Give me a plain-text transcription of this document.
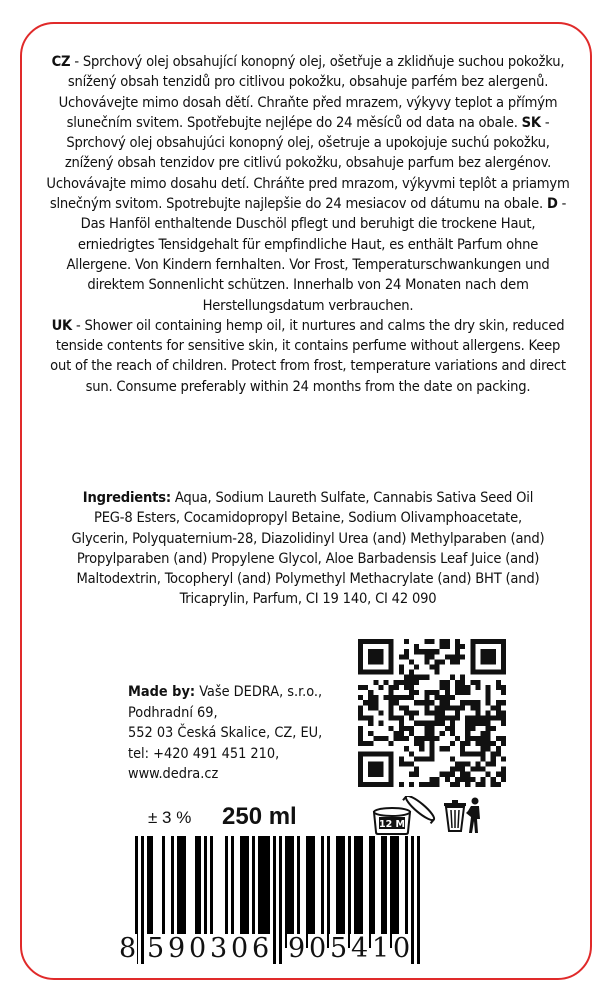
CZ - Sprchový olej obsahující konopný olej, ošetřuje a zklidňuje suchou pokožku, snížený obsah tenzidů pro citlivou pokožku, obsahuje parfém bez alergenů. Uchovávejte mimo dosah dětí. Chraňte před mrazem, výkyvy teplot a přímým slunečním svitem. Spotřebujte nejlépe do 24 měsíců od data na obale. SK - Sprchový olej obsahujúci konopný olej, ošetruje a upokojuje suchú pokožku, znížený obsah tenzidov pre citlivú pokožku, obsahuje parfum bez alergénov. Uchovávajte mimo dosahu detí. Chráňte pred mrazom, výkyvmi teplôt a priamym slnečným svitom. Spotrebujte najlepšie do 24 mesiacov od dátumu na obale. D - Das Hanföl enthaltende Duschöl pflegt und beruhigt die trockene Haut, erniedrigtes Tensidgehalt für empfindliche Haut, es enthält Parfum ohne Allergene. Von Kindern fernhalten. Vor Frost, Temperaturschwankungen und direktem Sonnenlicht schützen. Innerhalb von 24 Monaten nach dem Herstellungsdatum verbrauchen.
UK - Shower oil containing hemp oil, it nurtures and calms the dry skin, reduced tenside contents for sensitive skin, it contains perfume without allergens. Keep out of the reach of children. Protect from frost, temperature variations and direct sun. Consume preferably within 24 months from the date on packing.
Ingredients: Aqua, Sodium Laureth Sulfate, Cannabis Sativa Seed Oil PEG-8 Esters, Cocamidopropyl Betaine, Sodium Olivamphoacetate, Glycerin, Polyquaternium-28, Diazolidinyl Urea (and) Methylparaben (and) Propylparaben (and) Propylene Glycol, Aloe Barbadensis Leaf Juice (and) Maltodextrin, Tocopheryl (and) Polymethyl Methacrylate (and) BHT (and) Tricaprylin, Parfum, CI 19 140, CI 42 090
Made by: Vaše DEDRA, s.r.o.,
Podhradní 69,
552 03 Česká Skalice, CZ, EU,
tel: +420 491 451 210,
www.dedra.cz
± 3 % 250 ml	12 M
8 5 9 0 3 0 6 9 0 5 4 1 0
